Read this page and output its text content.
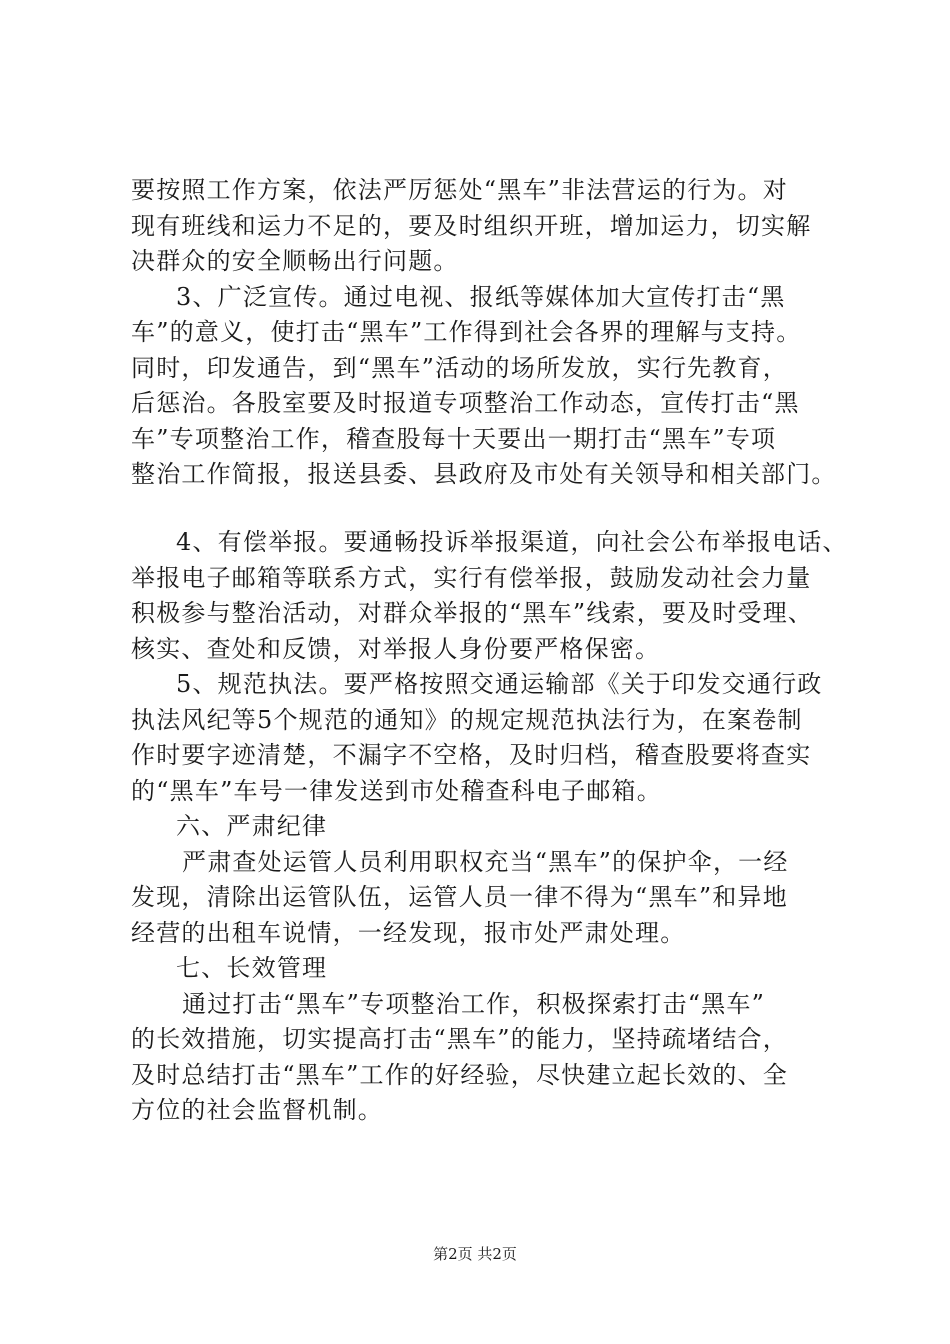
要按照工作方案，依法严厉惩处“黑车”非法营运的行为。对
现有班线和运力不足的，要及时组织开班，增加运力，切实解
决群众的安全顺畅出行问题。
3、广泛宣传。通过电视、报纸等媒体加大宣传打击“黑
车”的意义，使打击“黑车”工作得到社会各界的理解与支持。
同时，印发通告，到“黑车”活动的场所发放，实行先教育，
后惩治。各股室要及时报道专项整治工作动态，宣传打击“黑
车”专项整治工作，稽查股每十天要出一期打击“黑车”专项
整治工作简报，报送县委、县政府及市处有关领导和相关部门。
4、有偿举报。要通畅投诉举报渠道，向社会公布举报电话、
举报电子邮箱等联系方式，实行有偿举报，鼓励发动社会力量
积极参与整治活动，对群众举报的“黑车”线索，要及时受理、
核实、查处和反馈，对举报人身份要严格保密。
5、规范执法。要严格按照交通运输部《关于印发交通行政
执法风纪等5个规范的通知》的规定规范执法行为，在案卷制
作时要字迹清楚，不漏字不空格，及时归档，稽查股要将查实
的“黑车”车号一律发送到市处稽查科电子邮箱。
六、严肃纪律
严肃查处运管人员利用职权充当“黑车”的保护伞，一经
发现，清除出运管队伍，运管人员一律不得为“黑车”和异地
经营的出租车说情，一经发现，报市处严肃处理。
七、长效管理
通过打击“黑车”专项整治工作，积极探索打击“黑车”
的长效措施，切实提高打击“黑车”的能力，坚持疏堵结合，
及时总结打击“黑车”工作的好经验，尽快建立起长效的、全
方位的社会监督机制。
第2页 共2页
